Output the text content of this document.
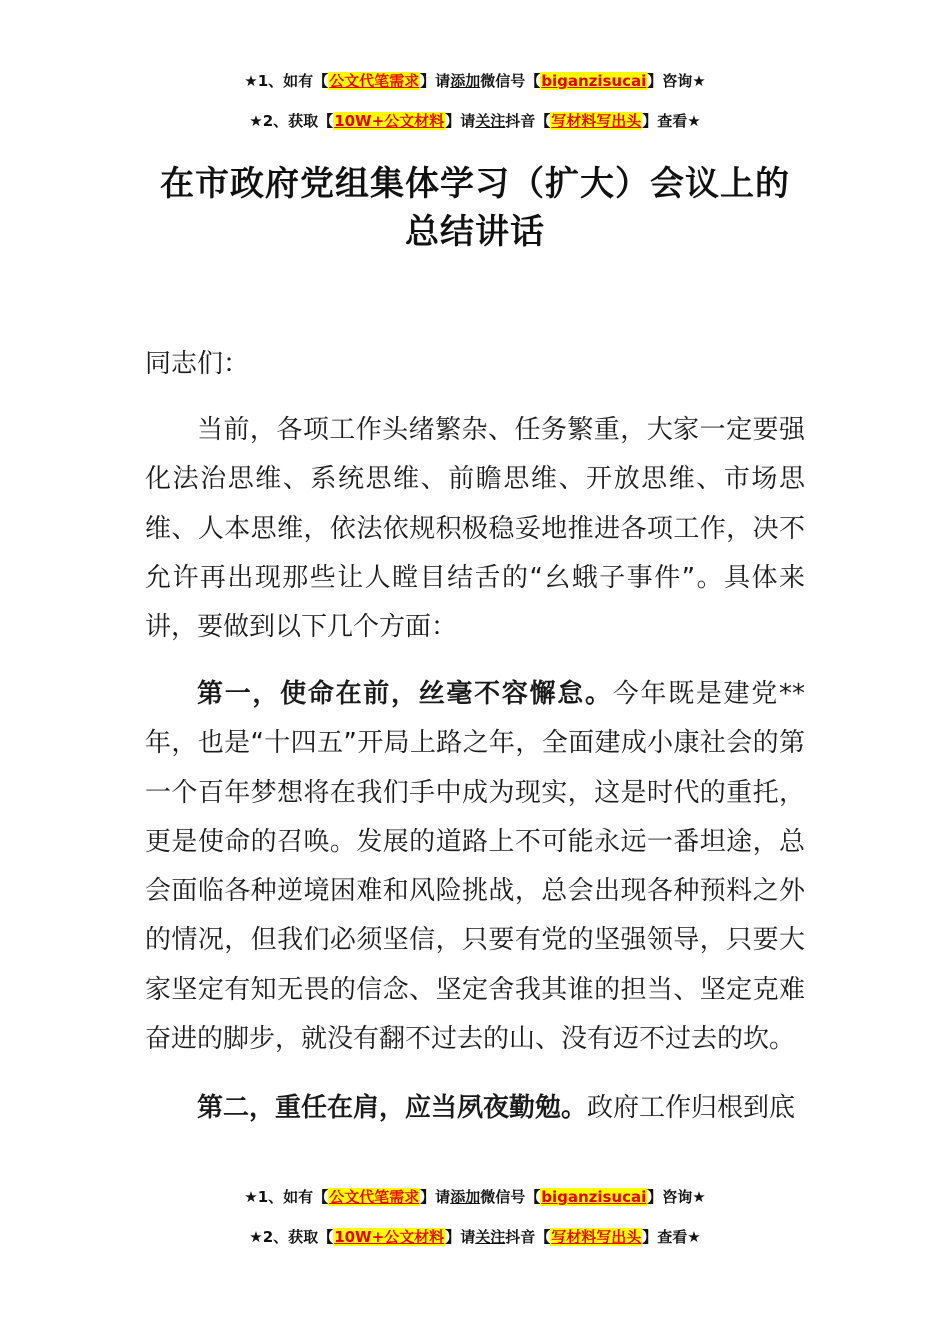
★1、如有【公文代笔需求】请添加微信号【biganzisucai】咨询★
★2、获取【10W+公文材料】请关注抖音【写材料写出头】查看★
在市政府党组集体学习（扩大）会议上的
总结讲话
同志们：

当前，各项工作头绪繁杂、任务繁重，大家一定要强化法治思维、系统思维、前瞻思维、开放思维、市场思维、人本思维，依法依规积极稳妥地推进各项工作，决不允许再出现那些让人瞠目结舌的“幺蛾子事件”。具体来讲，要做到以下几个方面：

第一，使命在前，丝毫不容懈怠。今年既是建党**年，也是“十四五”开局上路之年，全面建成小康社会的第一个百年梦想将在我们手中成为现实，这是时代的重托，更是使命的召唤。发展的道路上不可能永远一番坦途，总会面临各种逆境困难和风险挑战，总会出现各种预料之外的情况，但我们必须坚信，只要有党的坚强领导，只要大家坚定有知无畏的信念、坚定舍我其谁的担当、坚定克难奋进的脚步，就没有翻不过去的山、没有迈不过去的坎。

第二，重任在肩，应当夙夜勤勉。政府工作归根到底

★1、如有【公文代笔需求】请添加微信号【biganzisucai】咨询★
★2、获取【10W+公文材料】请关注抖音【写材料写出头】查看★
